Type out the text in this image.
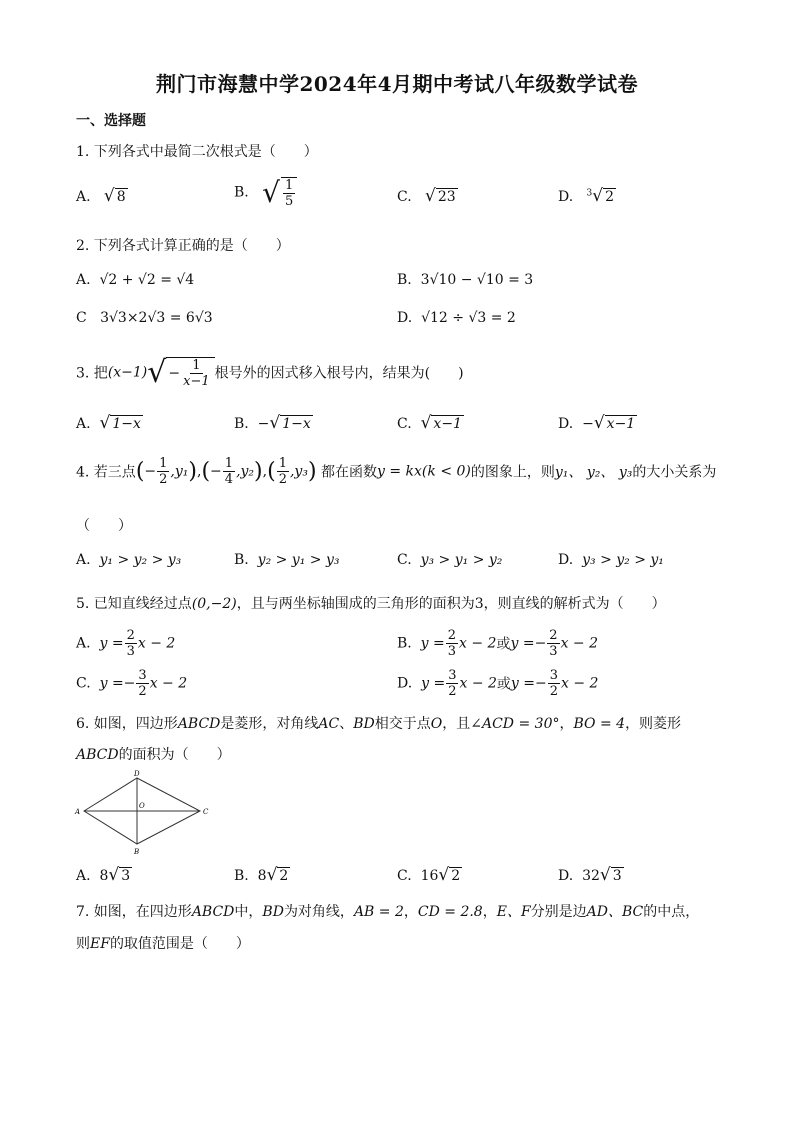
荆门市海慧中学2024年4月期中考试八年级数学试卷
一、选择题
1. 下列各式中最简二次根式是（　　）
A. √ 8	B. √ $\frac{1}{5}$	C. √ 23	D. $^3$√ 2
2. 下列各式计算正确的是（　　）
A. √2 + √2 = √4	B. 3√10 − √10 = 3
C 3√3×2√3 = 6√3	D. √12 ÷ √3 = 2
3. 把$(x-1)√ - \frac{1}{x-1}$ 根号外的因式移入根号内，结果为(　　)
A. √ 1−x	B. −√ 1−x	C. √ x−1	D. −√ x−1
4. 若三点(− $\frac{1}{2} ,y_1),(- \frac{1}{4} ,y_2),( \frac{1}{2} ,y_3)$ 都在函数y = kx(k < 0)的图象上，则y₁、 y₂、 y₃的大小关系为
（　　）
A. y₁ > y₂ > y₃	B. y₂ > y₁ > y₃	C. y₃ > y₁ > y₂	D. y₃ > y₂ > y₁
5. 已知直线经过点(0,−2)，且与两坐标轴围成的三角形的面积为3，则直线的解析式为（　　）
A. $y = \frac{2}{3}$ x − 2	B. $y = \frac{2}{3}$ x − 2或$y =- \frac{2}{3}$ x − 2
C. $y =- \frac{3}{2}$ x − 2	D. $y = \frac{3}{2}$ x − 2或$y =- \frac{3}{2}$ x − 2
6. 如图，四边形ABCD是菱形，对角线AC、BD相交于点O，且∠ACD = 30°，BO = 4，则菱形
ABCD的面积为（　　）
A
B
C
D
O
A. 8√ 3	B. 8√ 2	C. 16√ 2	D. 32√ 3
7. 如图，在四边形ABCD中，BD为对角线，AB = 2，CD = 2.8，E、F分别是边AD、BC的中点，
则EF的取值范围是（　　）
